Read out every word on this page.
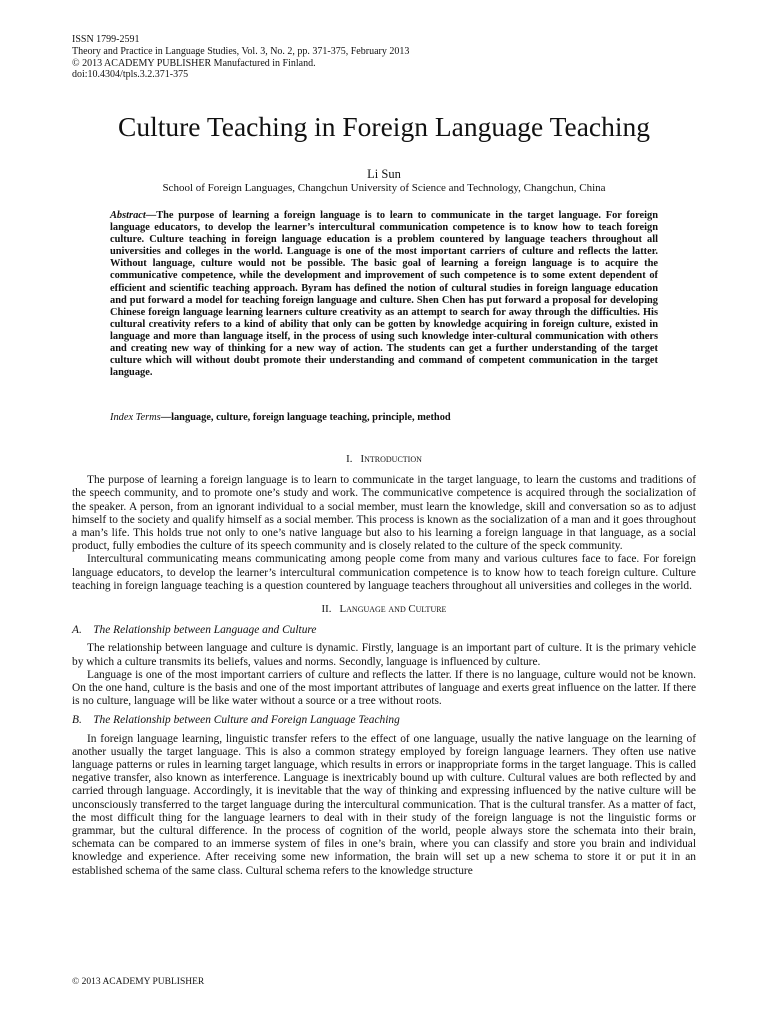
ISSN 1799-2591
Theory and Practice in Language Studies, Vol. 3, No. 2, pp. 371-375, February 2013
© 2013 ACADEMY PUBLISHER Manufactured in Finland.
doi:10.4304/tpls.3.2.371-375
Culture Teaching in Foreign Language Teaching
Li Sun
School of Foreign Languages, Changchun University of Science and Technology, Changchun, China
Abstract—The purpose of learning a foreign language is to learn to communicate in the target language. For foreign language educators, to develop the learner’s intercultural communication competence is to know how to teach foreign culture. Culture teaching in foreign language education is a problem countered by language teachers throughout all universities and colleges in the world. Language is one of the most important carriers of culture and reflects the latter. Without language, culture would not be possible. The basic goal of learning a foreign language is to acquire the communicative competence, while the development and improvement of such competence is to some extent dependent of efficient and scientific teaching approach. Byram has defined the notion of cultural studies in foreign language education and put forward a model for teaching foreign language and culture. Shen Chen has put forward a proposal for developing Chinese foreign language learning learners culture creativity as an attempt to search for away through the difficulties. His cultural creativity refers to a kind of ability that only can be gotten by knowledge acquiring in foreign culture, existed in language and more than language itself, in the process of using such knowledge inter-cultural communication with others and creating new way of thinking for a new way of action. The students can get a further understanding of the target culture which will without doubt promote their understanding and command of competent communication in the target language.
Index Terms—language, culture, foreign language teaching, principle, method
I. Introduction

The purpose of learning a foreign language is to learn to communicate in the target language, to learn the customs and traditions of the speech community, and to promote one’s study and work. The communicative competence is acquired through the socialization of the speaker. A person, from an ignorant individual to a social member, must learn the knowledge, skill and conversation so as to adjust himself to the society and qualify himself as a social member. This process is known as the socialization of a man and it goes throughout a man’s life. This holds true not only to one’s native language but also to his learning a foreign language in that language, as a social product, fully embodies the culture of its speech community and is closely related to the culture of the speck community.

Intercultural communicating means communicating among people come from many and various cultures face to face. For foreign language educators, to develop the learner’s intercultural communication competence is to know how to teach foreign culture. Culture teaching in foreign language teaching is a question countered by language teachers throughout all universities and colleges in the world.

II. Language and Culture
A. The Relationship between Language and Culture

The relationship between language and culture is dynamic. Firstly, language is an important part of culture. It is the primary vehicle by which a culture transmits its beliefs, values and norms. Secondly, language is influenced by culture.

Language is one of the most important carriers of culture and reflects the latter. If there is no language, culture would not be known. On the one hand, culture is the basis and one of the most important attributes of language and exerts great influence on the latter. If there is no culture, language will be like water without a source or a tree without roots.

B. The Relationship between Culture and Foreign Language Teaching

In foreign language learning, linguistic transfer refers to the effect of one language, usually the native language on the learning of another usually the target language. This is also a common strategy employed by foreign language learners. They often use native language patterns or rules in learning target language, which results in errors or inappropriate forms in the target language. This is called negative transfer, also known as interference. Language is inextricably bound up with culture. Cultural values are both reflected by and carried through language. Accordingly, it is inevitable that the way of thinking and expressing influenced by the native culture will be unconsciously transferred to the target language during the intercultural communication. That is the cultural transfer. As a matter of fact, the most difficult thing for the language learners to deal with in their study of the foreign language is not the linguistic forms or grammar, but the cultural difference. In the process of cognition of the world, people always store the schemata into their brain, schemata can be compared to an immerse system of files in one’s brain, where you can classify and store you brain and individual knowledge and experience. After receiving some new information, the brain will set up a new schema to store it or put it in an established schema of the same class. Cultural schema refers to the knowledge structure

© 2013 ACADEMY PUBLISHER
